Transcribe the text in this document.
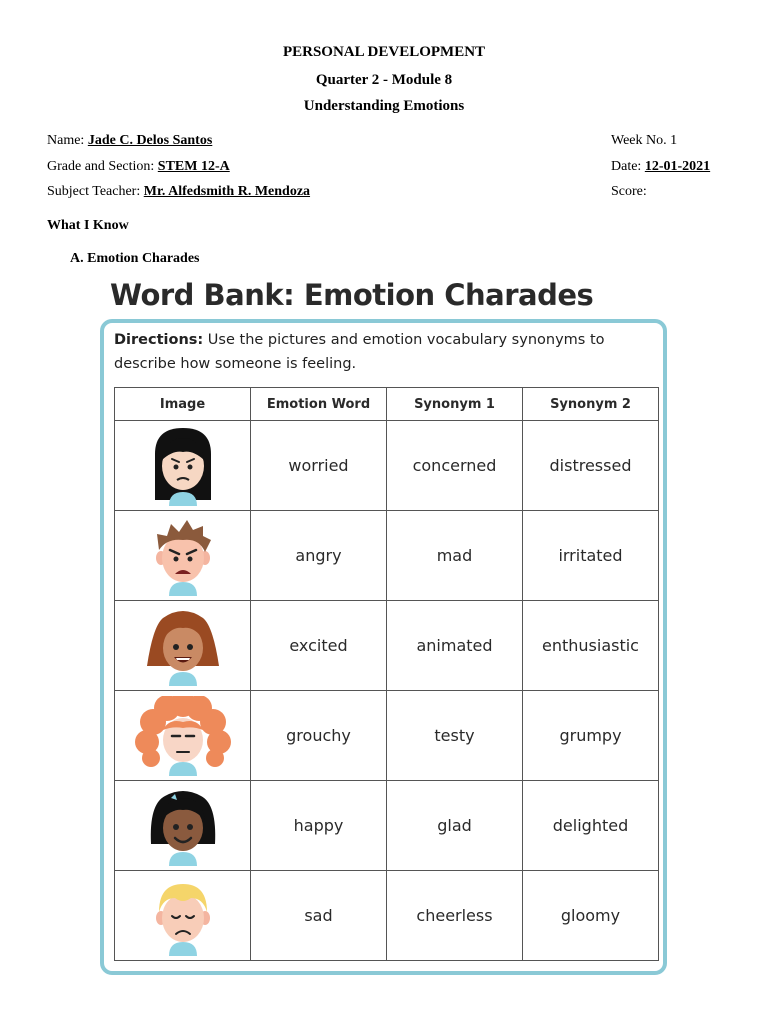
PERSONAL DEVELOPMENT
Quarter 2 - Module 8
Understanding Emotions
Name: Jade C. Delos Santos
Grade and Section: STEM 12-A
Subject Teacher: Mr. Alfedsmith R. Mendoza
Week No. 1
Date: 12-01-2021
Score:
What I Know
A. Emotion Charades
Word Bank: Emotion Charades
Directions: Use the pictures and emotion vocabulary synonyms to describe how someone is feeling.
Image	Emotion Word	Synonym 1	Synonym 2

	worried	concerned	distressed

	angry	mad	irritated

	excited	animated	enthusiastic

	grouchy	testy	grumpy

	happy	glad	delighted

	sad	cheerless	gloomy
